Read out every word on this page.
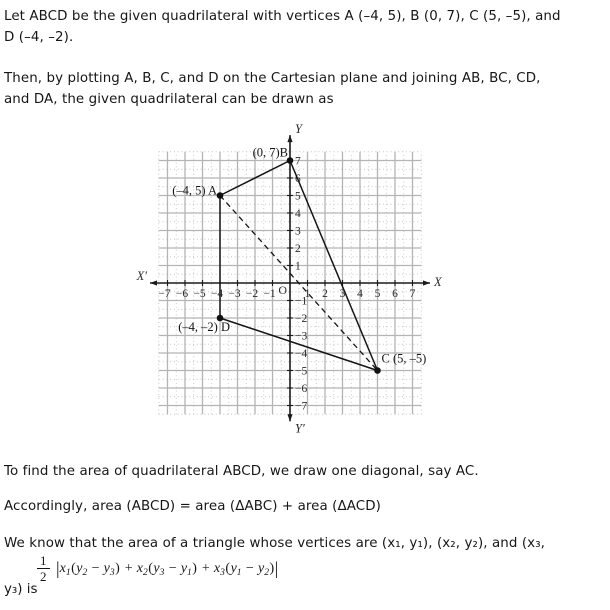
Let ABCD be the given quadrilateral with vertices A (–4, 5), B (0, 7), C (5, –5), and
D (–4, –2).
Then, by plotting A, B, C, and D on the Cartesian plane and joining AB, BC, CD,
and DA, the given quadrilateral can be drawn as
−7 −6 −5 −4 −3 −2 −1	1 2 3 4 5 6 7
−7
−6
−5
−4
−3
−2
−1
1
2
3
4
5
6
7
O
X
X′
Y
Y′
(–4, 5) A
(0, 7)B
C (5, –5)
(–4, –2) D
To find the area of quadrilateral ABCD, we draw one diagonal, say AC.
Accordingly, area (ABCD) = area (ΔABC) + area (ΔACD)
We know that the area of a triangle whose vertices are (x₁, y₁), (x₂, y₂), and (x₃,
y₃) is
$\frac{1}{2} |x_1(y_2 - y_3) + x_2(y_3 - y_1) + x_3(y_1 - y_2)|$
